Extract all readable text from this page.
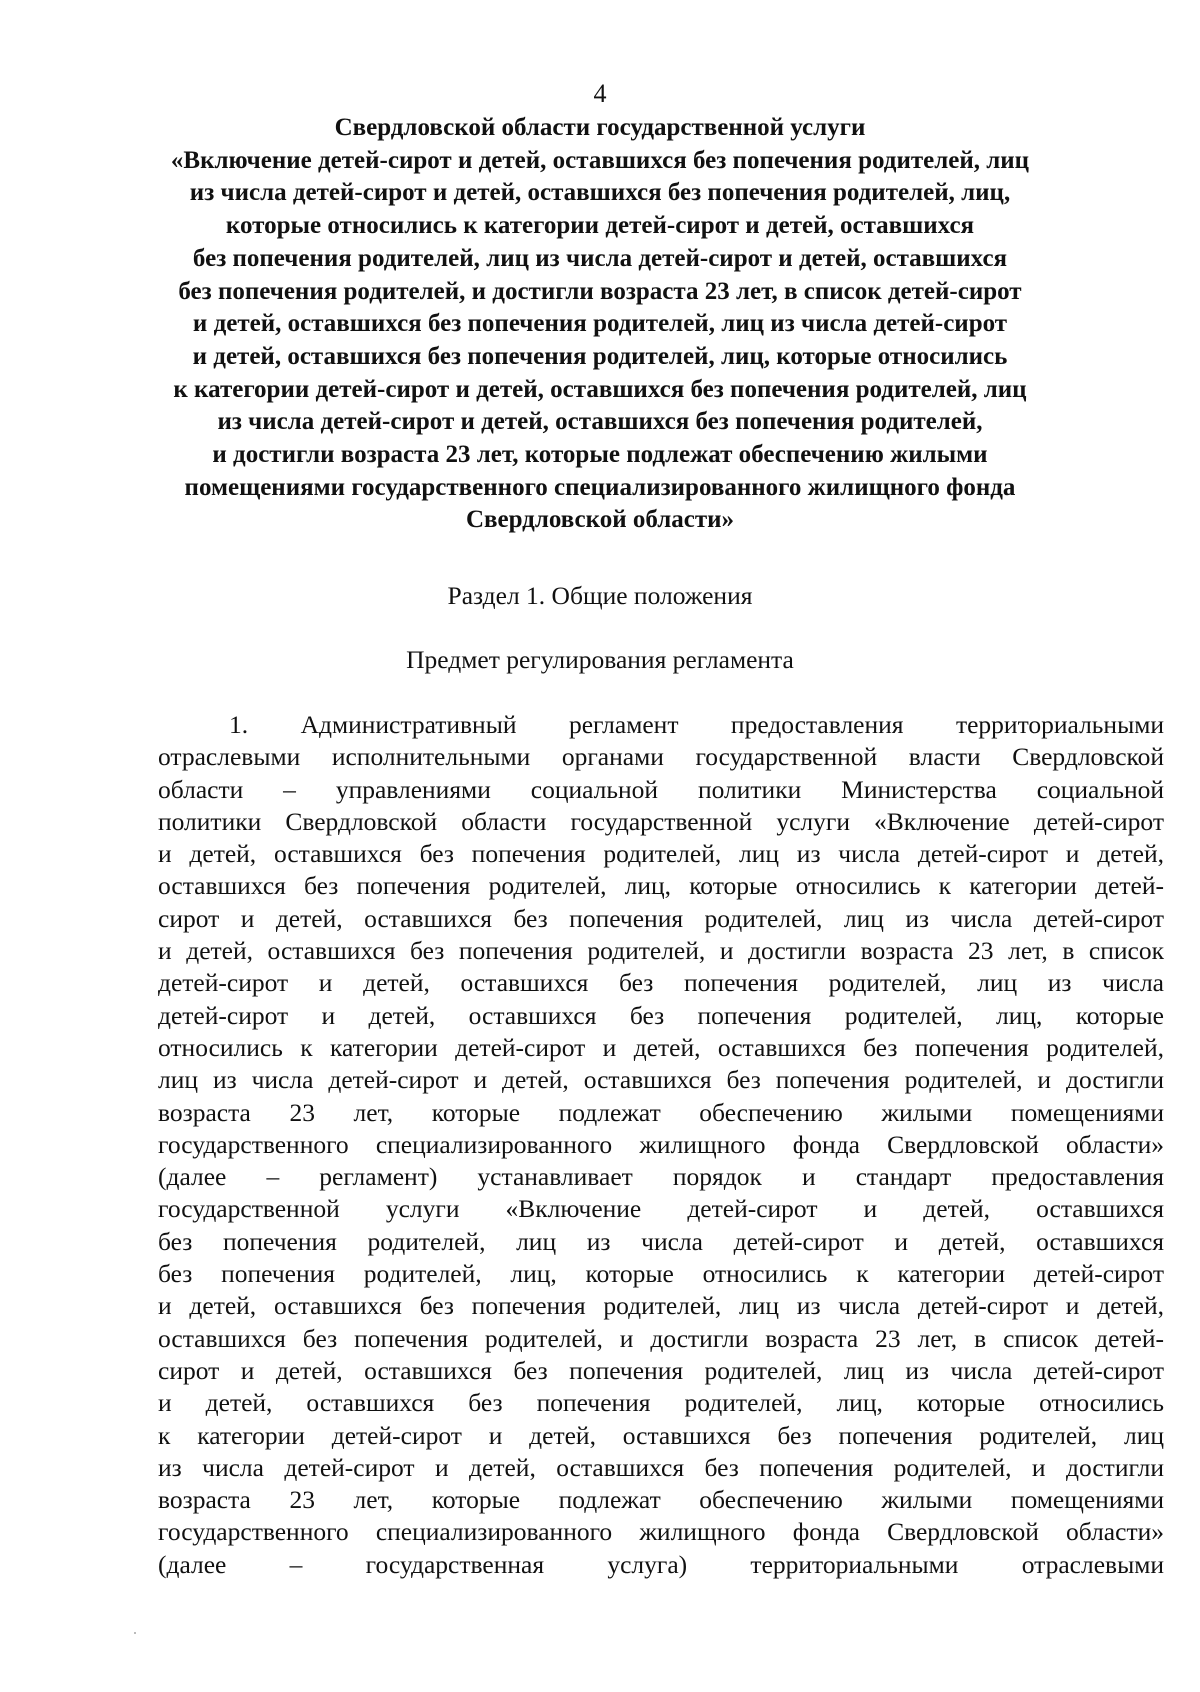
4
Свердловской области государственной услуги
«Включение детей-сирот и детей, оставшихся без попечения родителей, лиц
из числа детей-сирот и детей, оставшихся без попечения родителей, лиц,
которые относились к категории детей-сирот и детей, оставшихся
без попечения родителей, лиц из числа детей-сирот и детей, оставшихся
без попечения родителей, и достигли возраста 23 лет, в список детей-сирот
и детей, оставшихся без попечения родителей, лиц из числа детей-сирот
и детей, оставшихся без попечения родителей, лиц, которые относились
к категории детей-сирот и детей, оставшихся без попечения родителей, лиц
из числа детей-сирот и детей, оставшихся без попечения родителей,
и достигли возраста 23 лет, которые подлежат обеспечению жилыми
помещениями государственного специализированного жилищного фонда
Свердловской области»
Раздел 1. Общие положения
Предмет регулирования регламента
1. Административный регламент предоставления территориальными
отраслевыми исполнительными органами государственной власти Свердловской
области – управлениями социальной политики Министерства социальной
политики Свердловской области государственной услуги «Включение детей-сирот
и детей, оставшихся без попечения родителей, лиц из числа детей-сирот и детей,
оставшихся без попечения родителей, лиц, которые относились к категории детей-
сирот и детей, оставшихся без попечения родителей, лиц из числа детей-сирот
и детей, оставшихся без попечения родителей, и достигли возраста 23 лет, в список
детей-сирот и детей, оставшихся без попечения родителей, лиц из числа
детей-сирот и детей, оставшихся без попечения родителей, лиц, которые
относились к категории детей-сирот и детей, оставшихся без попечения родителей,
лиц из числа детей-сирот и детей, оставшихся без попечения родителей, и достигли
возраста 23 лет, которые подлежат обеспечению жилыми помещениями
государственного специализированного жилищного фонда Свердловской области»
(далее – регламент) устанавливает порядок и стандарт предоставления
государственной услуги «Включение детей-сирот и детей, оставшихся
без попечения родителей, лиц из числа детей-сирот и детей, оставшихся
без попечения родителей, лиц, которые относились к категории детей-сирот
и детей, оставшихся без попечения родителей, лиц из числа детей-сирот и детей,
оставшихся без попечения родителей, и достигли возраста 23 лет, в список детей-
сирот и детей, оставшихся без попечения родителей, лиц из числа детей-сирот
и детей, оставшихся без попечения родителей, лиц, которые относились
к категории детей-сирот и детей, оставшихся без попечения родителей, лиц
из числа детей-сирот и детей, оставшихся без попечения родителей, и достигли
возраста 23 лет, которые подлежат обеспечению жилыми помещениями
государственного специализированного жилищного фонда Свердловской области»
(далее – государственная услуга) территориальными отраслевыми
